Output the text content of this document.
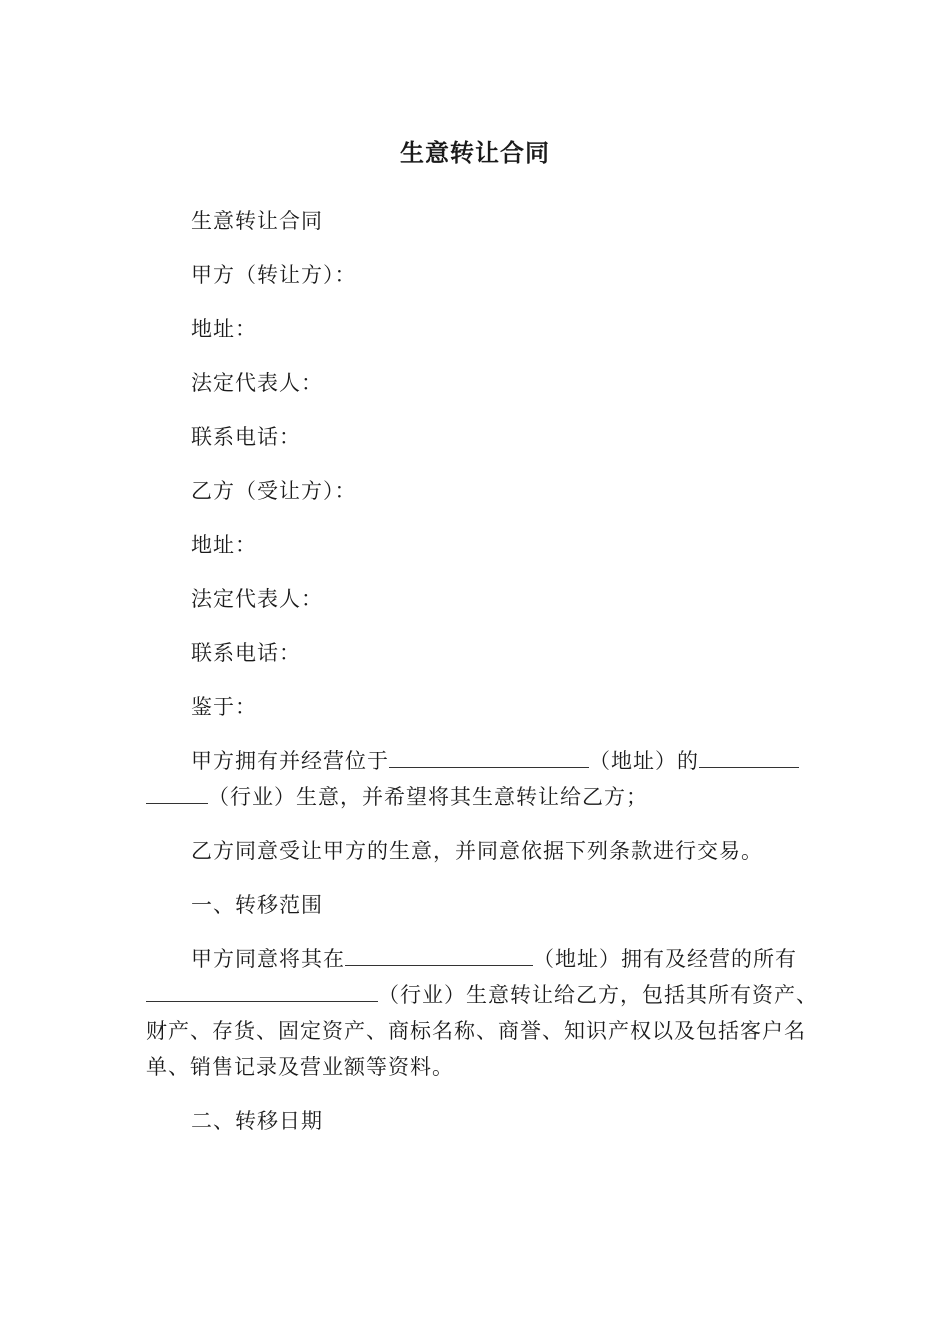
生意转让合同

生意转让合同

甲方（转让方）：

地址：

法定代表人：

联系电话：

乙方（受让方）：

地址：

法定代表人：

联系电话：

鉴于：

甲方拥有并经营位于	（地址）的（行业）生意，并希望将其生意转让给乙方；

乙方同意受让甲方的生意，并同意依据下列条款进行交易。

一、转移范围

甲方同意将其在	（地址）拥有及经营的所有（行业）生意转让给乙方，包括其所有资产、财产、存货、固定资产、商标名称、商誉、知识产权以及包括客户名单、销售记录及营业额等资料。

二、转移日期
